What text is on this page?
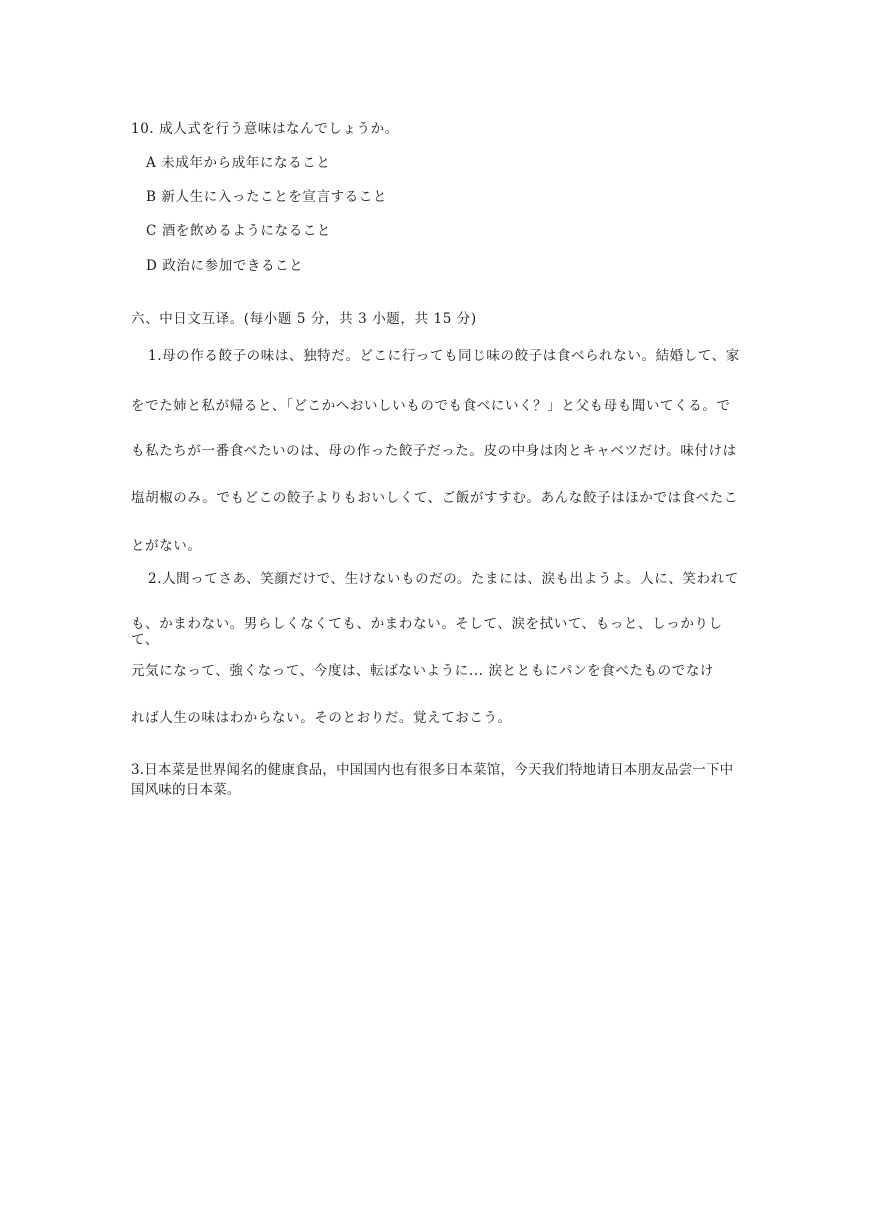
10. 成人式を行う意味はなんでしょうか。
A 未成年から成年になること
B 新人生に入ったことを宣言すること
C 酒を飲めるようになること
D 政治に参加できること
六、中日文互译。(每小题 5 分，共 3 小题，共 15 分)
1.母の作る餃子の味は、独特だ。どこに行っても同じ味の餃子は食べられない。結婚して、家
をでた姉と私が帰ると、「どこかへおいしいものでも食べにいく？」と父も母も聞いてくる。で
も私たちが一番食べたいのは、母の作った餃子だった。皮の中身は肉とキャベツだけ。味付けは
塩胡椒のみ。でもどこの餃子よりもおいしくて、ご飯がすすむ。あんな餃子はほかでは食べたこ
とがない。
2.人間ってさあ、笑顔だけで、生けないものだの。たまには、涙も出ようよ。人に、笑われて
も、かまわない。男らしくなくても、かまわない。そして、涙を拭いて、もっと、しっかりして、
元気になって、強くなって、今度は、転ばないように... 涙とともにパンを食べたものでなけ
れば人生の味はわからない。そのとおりだ。覚えておこう。
3.日本菜是世界闻名的健康食品，中国国内也有很多日本菜馆，今天我们特地请日本朋友品尝一下中国风味的日本菜。
